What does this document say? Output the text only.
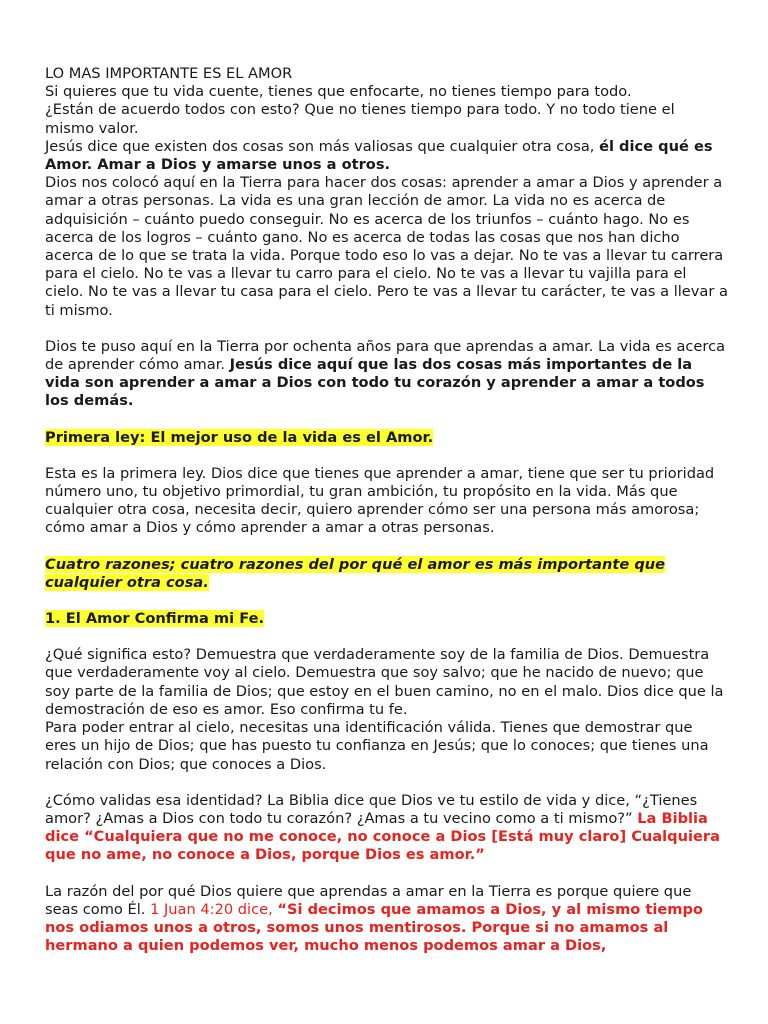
LO MAS IMPORTANTE ES EL AMOR

Si quieres que tu vida cuente, tienes que enfocarte, no tienes tiempo para todo.

¿Están de acuerdo todos con esto? Que no tienes tiempo para todo. Y no todo tiene el mismo valor.

Jesús dice que existen dos cosas son más valiosas que cualquier otra cosa, él dice qué es Amor. Amar a Dios y amarse unos a otros.

Dios nos colocó aquí en la Tierra para hacer dos cosas: aprender a amar a Dios y aprender a amar a otras personas. La vida es una gran lección de amor. La vida no es acerca de adquisición – cuánto puedo conseguir. No es acerca de los triunfos – cuánto hago. No es acerca de los logros – cuánto gano. No es acerca de todas las cosas que nos han dicho acerca de lo que se trata la vida. Porque todo eso lo vas a dejar. No te vas a llevar tu carrera para el cielo. No te vas a llevar tu carro para el cielo. No te vas a llevar tu vajilla para el cielo. No te vas a llevar tu casa para el cielo. Pero te vas a llevar tu carácter, te vas a llevar a ti mismo.

Dios te puso aquí en la Tierra por ochenta años para que aprendas a amar. La vida es acerca de aprender cómo amar. Jesús dice aquí que las dos cosas más importantes de la vida son aprender a amar a Dios con todo tu corazón y aprender a amar a todos los demás.

Primera ley: El mejor uso de la vida es el Amor.

Esta es la primera ley. Dios dice que tienes que aprender a amar, tiene que ser tu prioridad número uno, tu objetivo primordial, tu gran ambición, tu propósito en la vida. Más que cualquier otra cosa, necesita decir, quiero aprender cómo ser una persona más amorosa; cómo amar a Dios y cómo aprender a amar a otras personas.

Cuatro razones; cuatro razones del por qué el amor es más importante que cualquier otra cosa.

1. El Amor Confirma mi Fe.

¿Qué significa esto? Demuestra que verdaderamente soy de la familia de Dios. Demuestra que verdaderamente voy al cielo. Demuestra que soy salvo; que he nacido de nuevo; que soy parte de la familia de Dios; que estoy en el buen camino, no en el malo. Dios dice que la demostración de eso es amor. Eso confirma tu fe.

Para poder entrar al cielo, necesitas una identificación válida. Tienes que demostrar que eres un hijo de Dios; que has puesto tu confianza en Jesús; que lo conoces; que tienes una relación con Dios; que conoces a Dios.

¿Cómo validas esa identidad? La Biblia dice que Dios ve tu estilo de vida y dice, “¿Tienes amor? ¿Amas a Dios con todo tu corazón? ¿Amas a tu vecino como a ti mismo?” La Biblia dice “Cualquiera que no me conoce, no conoce a Dios [Está muy claro] Cualquiera que no ame, no conoce a Dios, porque Dios es amor.”

La razón del por qué Dios quiere que aprendas a amar en la Tierra es porque quiere que seas como Él. 1 Juan 4:20 dice, “Si decimos que amamos a Dios, y al mismo tiempo nos odiamos unos a otros, somos unos mentirosos. Porque si no amamos al hermano a quien podemos ver, mucho menos podemos amar a Dios,
